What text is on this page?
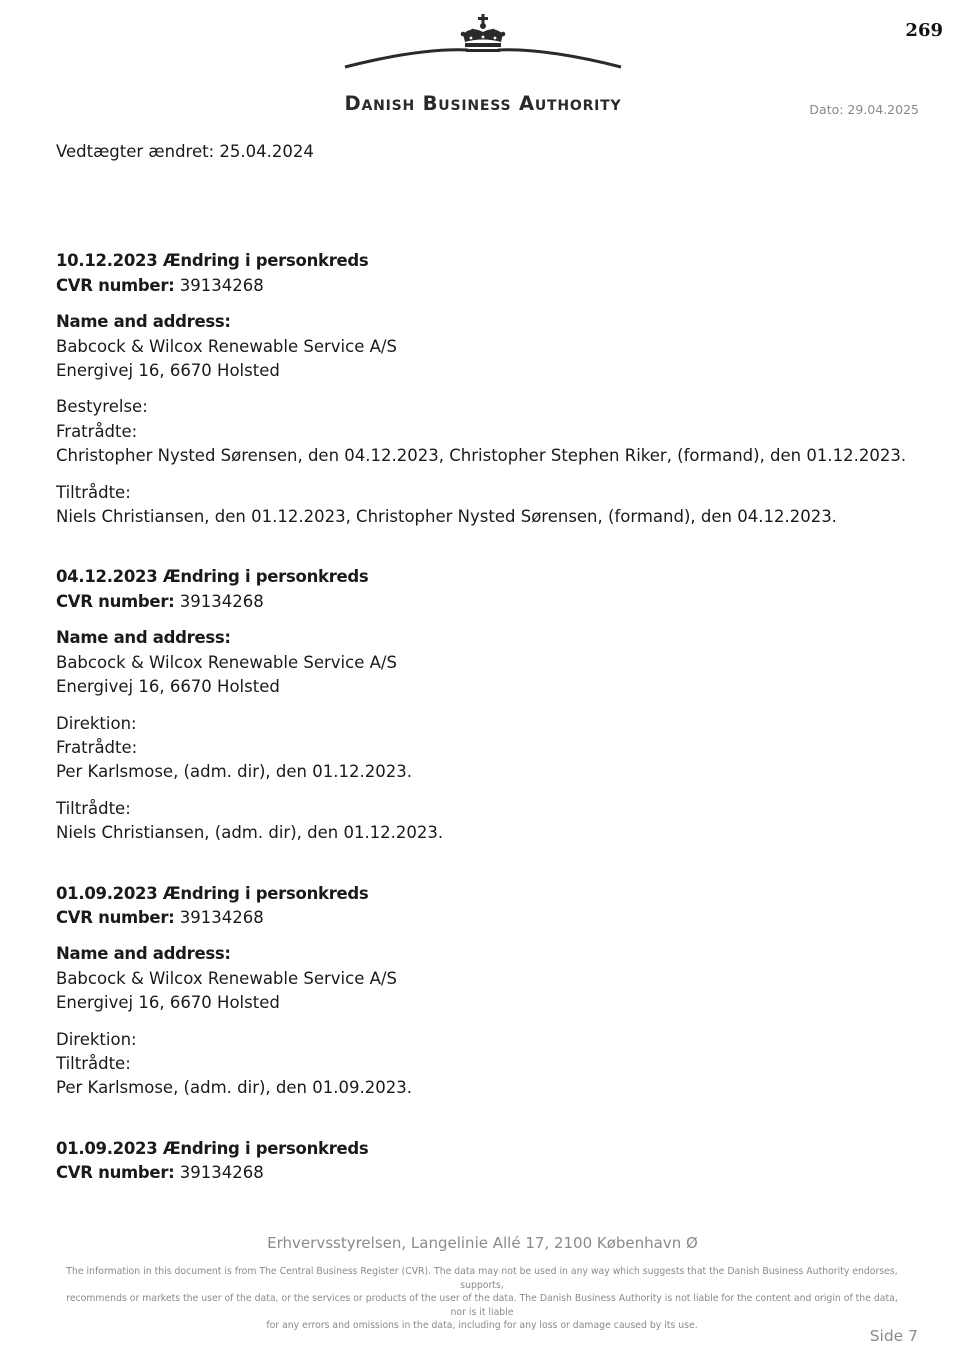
269
Danish Business Authority	Dato: 29.04.2025
Vedtægter ændret: 25.04.2024
10.12.2023 Ændring i personkreds
CVR number: 39134268
Name and address:
Babcock & Wilcox Renewable Service A/S
Energivej 16, 6670 Holsted
Bestyrelse:
Fratrådte:
Christopher Nysted Sørensen, den 04.12.2023, Christopher Stephen Riker, (formand), den 01.12.2023.
Tiltrådte:
Niels Christiansen, den 01.12.2023, Christopher Nysted Sørensen, (formand), den 04.12.2023.
04.12.2023 Ændring i personkreds
CVR number: 39134268
Name and address:
Babcock & Wilcox Renewable Service A/S
Energivej 16, 6670 Holsted
Direktion:
Fratrådte:
Per Karlsmose, (adm. dir), den 01.12.2023.
Tiltrådte:
Niels Christiansen, (adm. dir), den 01.12.2023.
01.09.2023 Ændring i personkreds
CVR number: 39134268
Name and address:
Babcock & Wilcox Renewable Service A/S
Energivej 16, 6670 Holsted
Direktion:
Tiltrådte:
Per Karlsmose, (adm. dir), den 01.09.2023.
01.09.2023 Ændring i personkreds
CVR number: 39134268
Erhvervsstyrelsen, Langelinie Allé 17, 2100 København Ø
The information in this document is from The Central Business Register (CVR). The data may not be used in any way which suggests that the Danish Business Authority endorses, supports,
recommends or markets the user of the data, or the services or products of the user of the data. The Danish Business Authority is not liable for the content and origin of the data, nor is it liable
for any errors and omissions in the data, including for any loss or damage caused by its use.
Side 7
